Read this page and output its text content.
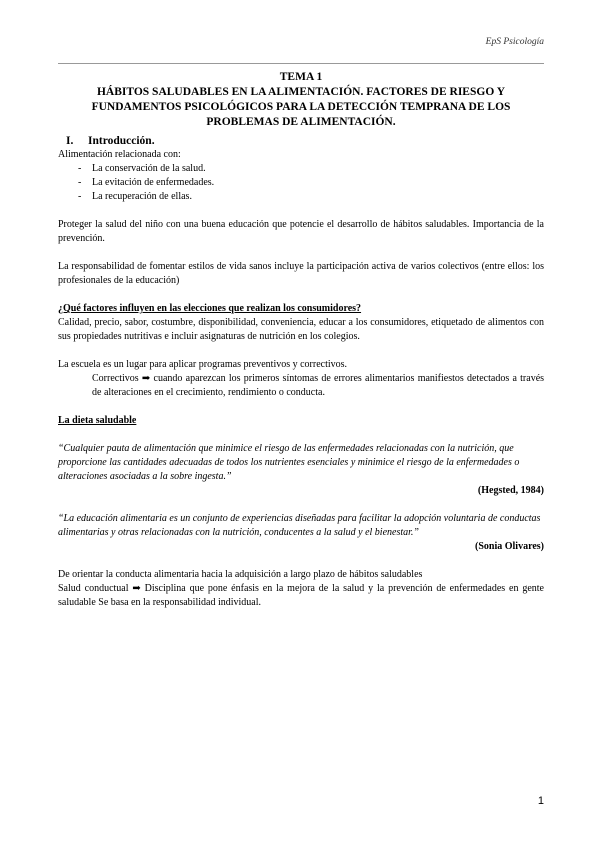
EpS Psicología
TEMA 1
HÁBITOS SALUDABLES EN LA ALIMENTACIÓN. FACTORES DE RIESGO Y
FUNDAMENTOS PSICOLÓGICOS PARA LA DETECCIÓN TEMPRANA DE LOS
PROBLEMAS DE ALIMENTACIÓN.
I.	Introducción.

Alimentación relacionada con:

-	La conservación de la salud.
-	La evitación de enfermedades.
-	La recuperación de ellas.

Proteger la salud del niño con una buena educación que potencie el desarrollo de hábitos saludables. Importancia de la prevención.

La responsabilidad de fomentar estilos de vida sanos incluye la participación activa de varios colectivos (entre ellos: los profesionales de la educación)

¿Qué factores influyen en las elecciones que realizan los consumidores?

Calidad, precio, sabor, costumbre, disponibilidad, conveniencia, educar a los consumidores, etiquetado de alimentos con sus propiedades nutritivas e incluir asignaturas de nutrición en los colegios.

La escuela es un lugar para aplicar programas preventivos y correctivos.

Correctivos ➡ cuando aparezcan los primeros síntomas de errores alimentarios manifiestos detectados a través de alteraciones en el crecimiento, rendimiento o conducta.

La dieta saludable

“Cualquier pauta de alimentación que minimice el riesgo de las enfermedades relacionadas con la nutrición, que proporcione las cantidades adecuadas de todos los nutrientes esenciales y minimice el riesgo de la enfermedades o alteraciones asociadas a la sobre ingesta.”

(Hegsted, 1984)

“La educación alimentaria es un conjunto de experiencias diseñadas para facilitar la adopción voluntaria de conductas alimentarias y otras relacionadas con la nutrición, conducentes a la salud y el bienestar.”

(Sonia Olivares)

De orientar la conducta alimentaria hacia la adquisición a largo plazo de hábitos saludables

Salud conductual ➡ Disciplina que pone énfasis en la mejora de la salud y la prevención de enfermedades en gente saludable Se basa en la responsabilidad individual.

1
